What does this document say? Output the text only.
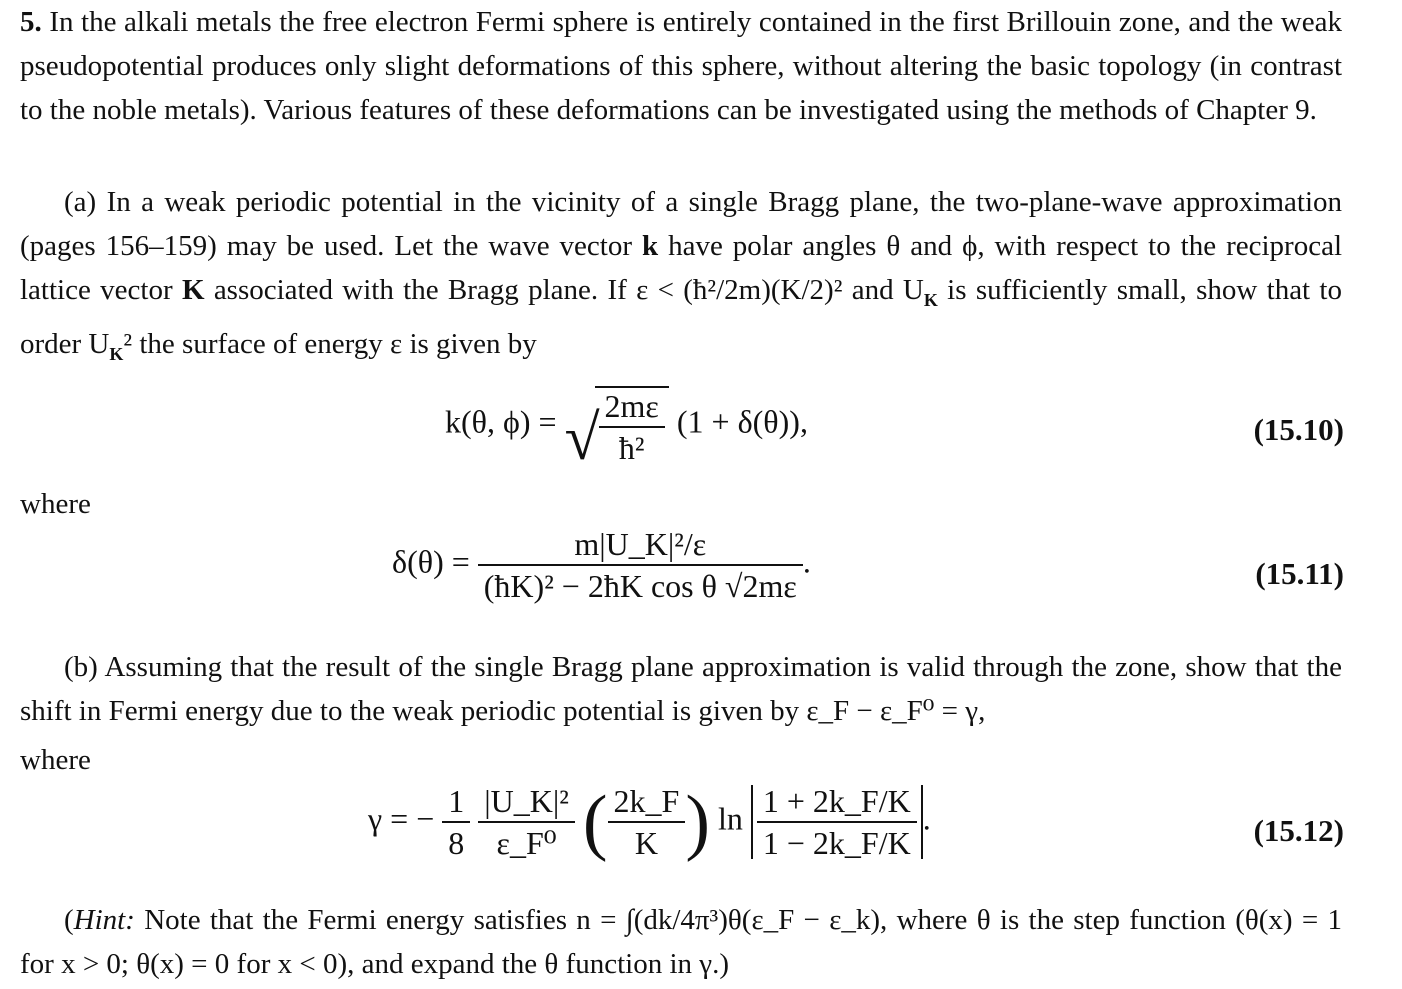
5. In the alkali metals the free electron Fermi sphere is entirely contained in the first Brillouin zone, and the weak pseudopotential produces only slight deformations of this sphere, without altering the basic topology (in contrast to the noble metals). Various features of these deformations can be investigated using the methods of Chapter 9.

(a) In a weak periodic potential in the vicinity of a single Bragg plane, the two-plane-wave approximation (pages 156–159) may be used. Let the wave vector k have polar angles θ and ϕ, with respect to the reciprocal lattice vector K associated with the Bragg plane. If ε < (ħ²/2m)(K/2)² and $U_K$ is sufficiently small, show that to order $U_K^2$ the surface of energy ε is given by

k(θ, ϕ) = √
$\frac{2m\varepsilon}{\text{ħ²}} (1 + \delta(\theta))$,	(15.10)
where
$\delta(\theta) = \frac{\text{m|U\_K|²/ε}}{\text{(ħK)² − 2ħK cos θ √2mε}}$ .	(15.11)

(b) Assuming that the result of the single Bragg plane approximation is valid through the zone, show that the shift in Fermi energy due to the weak periodic potential is given by ε_F − ε_F⁰ = γ,

where
γ = − $\frac{1}{8}$
$\frac{\text{|U\_K|²}}{\text{ε\_F⁰}}$ ( $\frac{2k\_F}{K}$ ) $\ln \frac{1 + 2k\_F/K}{1 - 2k\_F/K}$ .	(15.12)

(Hint: Note that the Fermi energy satisfies n = ∫(dk/4π³)θ(ε_F − ε_k), where θ is the step function (θ(x) = 1 for x > 0; θ(x) = 0 for x < 0), and expand the θ function in γ.)
